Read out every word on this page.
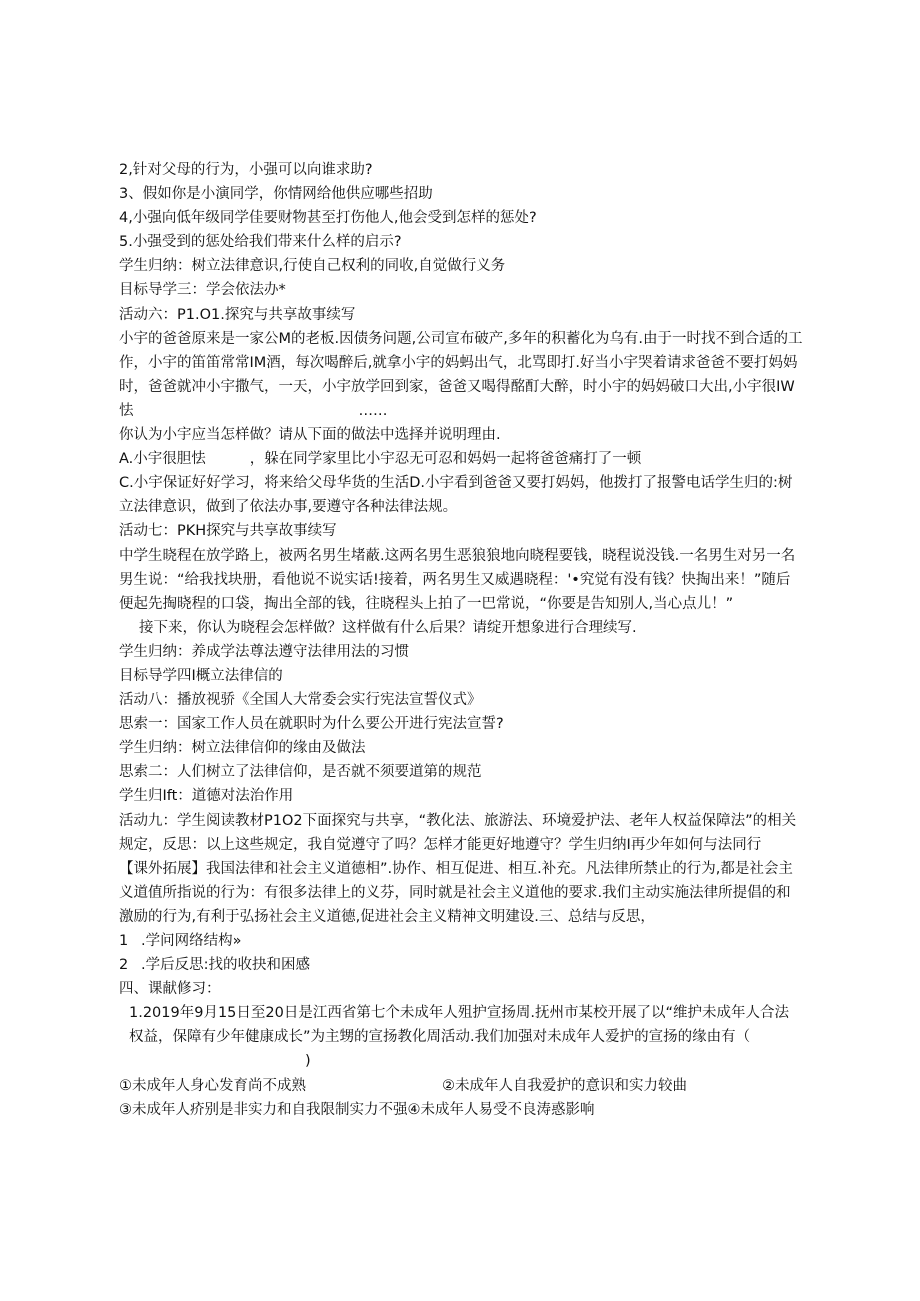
2,针对父母的行为，小强可以向谁求助?
3、假如你是小演同学，你情网给他供应哪些招助
4,小强向低年级同学佳要财物甚至打伤他人,他会受到怎样的惩处?
5.小强受到的惩处给我们带来什么样的启示?
学生归纳：树立法律意识,行使自己权利的同收,自觉做行义务
目标导学三：学会依法办*
活动六：P1.O1.探究与共享故事续写
小宇的爸爸原来是一家公M的老板.因债务问题,公司宣布破产,多年的积蓄化为乌有.由于一时找不到合适的工作，小宇的笛笛常常IM酒，每次喝醉后,就拿小宇的妈蚂出气，北骂即打.好当小宇哭着请求爸爸不要打妈妈时，爸爸就冲小宇撒气，一天，小宇放学回到家，爸爸又喝得酩酊大醉，时小宇的妈妈破口大出,小宇很IW怯	……
你认为小宇应当怎样做？请从下面的做法中选择并说明理由.
A.小宇很胆怯	，躲在同学家里比小宇忍无可忍和妈妈一起将爸爸痛打了一顿
C.小宇保证好好学习，将来给父母华货的生活D.小宇看到爸爸又要打妈妈，他拨打了报警电话学生归的:树立法律意识，做到了依法办事,要遵守各种法律法规。
活动七：PKH探究与共享故事续写
中学生晓程在放学路上，被两名男生堵蔽.这两名男生恶狼狼地向晓程要钱，晓程说没钱.一名男生对另一名男生说：“给我找块册，看他说不说实话!接着，两名男生又威遇晓程：'•究觉有没有钱？快掏出来！”随后便起先掏晓程的口袋，掏出全部的钱，往晓程头上拍了一巴常说，“你要是告知别人,当心点儿！”
接下来，你认为晓程会怎样做？这样做有什么后果？请绽开想象进行合理续写.
学生归纳：养成学法尊法遵守法律用法的习惯
目标导学四I概立法律信的
活动八：播放视骄《全国人大常委会实行宪法宣誓仪式》
思索一：国家工作人员在就职时为什么要公开进行宪法宣誓?
学生归纳：树立法律信仰的缘由及做法
思索二：人们树立了法律信仰，是否就不须要道第的规范
学生归Ift：道德对法治作用
活动九：学生阅读教材P1O2下面探究与共享，“教化法、旅游法、环境爱护法、老年人权益保障法”的相关规定，反思：以上这些规定，我自觉遵守了吗？怎样才能更好地遵守？学生归纳I再少年如何与法同行
【课外拓展】我国法律和社会主义道德相”.协作、相互促进、相互.补充。凡法律所禁止的行为,都是社会主义道值所指说的行为：有很多法律上的义芬，同时就是社会主义道他的要求.我们主动实施法律所提倡的和激励的行为,有利于弘扬社会主义道德,促进社会主义精神文明建设.三、总结与反思，
1 .学问网络结构»
2 .学后反思:找的收抉和困感
四、课献修习：
1.2019年9月15日至20日是江西省第七个未成年人殂护宣扬周.抚州市某校开展了以“维护未成年人合法权益，保障有少年健康成长”为主甥的宣扬教化周活动.我们加强对未成年人爱护的宣扬的缘由有（)
①未成年人身心发育尚不成熟	②未成年人自我爱护的意识和实力较曲
③未成年人疥别是非实力和自我限制实力不强④未成年人易受不良涛惑影响
